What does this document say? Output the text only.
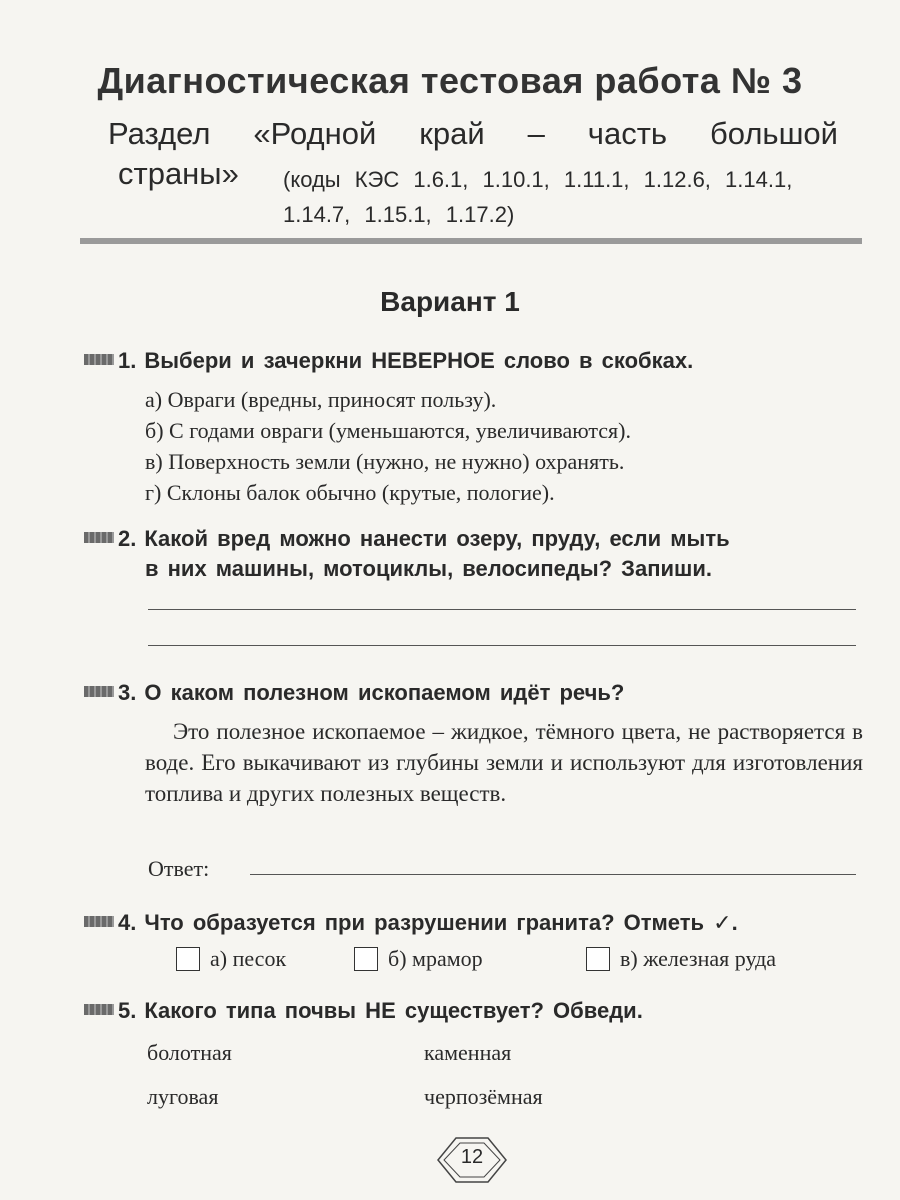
Диагностическая тестовая работа № 3
Раздел «Родной край – часть большой
страны» (коды КЭС 1.6.1, 1.10.1, 1.11.1, 1.12.6, 1.14.1, 1.14.7, 1.15.1, 1.17.2)
Вариант 1
1. Выбери и зачеркни НЕВЕРНОЕ слово в скобках.
а) Овраги (вредны, приносят пользу).
б) С годами овраги (уменьшаются, увеличиваются).
в) Поверхность земли (нужно, не нужно) охранять.
г) Склоны балок обычно (крутые, пологие).
2. Какой вред можно нанести озеру, пруду, если мыть
в них машины, мотоциклы, велосипеды? Запиши.
3. О каком полезном ископаемом идёт речь?
Это полезное ископаемое – жидкое, тёмного цвета, не растворяется в воде. Его выкачивают из глубины земли и используют для изготовления топлива и других полезных веществ.
Ответ:
4. Что образуется при разрушении гранита? Отметь ✓.
а) песок	б) мрамор	в) железная руда
5. Какого типа почвы НЕ существует? Обведи.
болотная	каменная
луговая	черпозёмная
12
